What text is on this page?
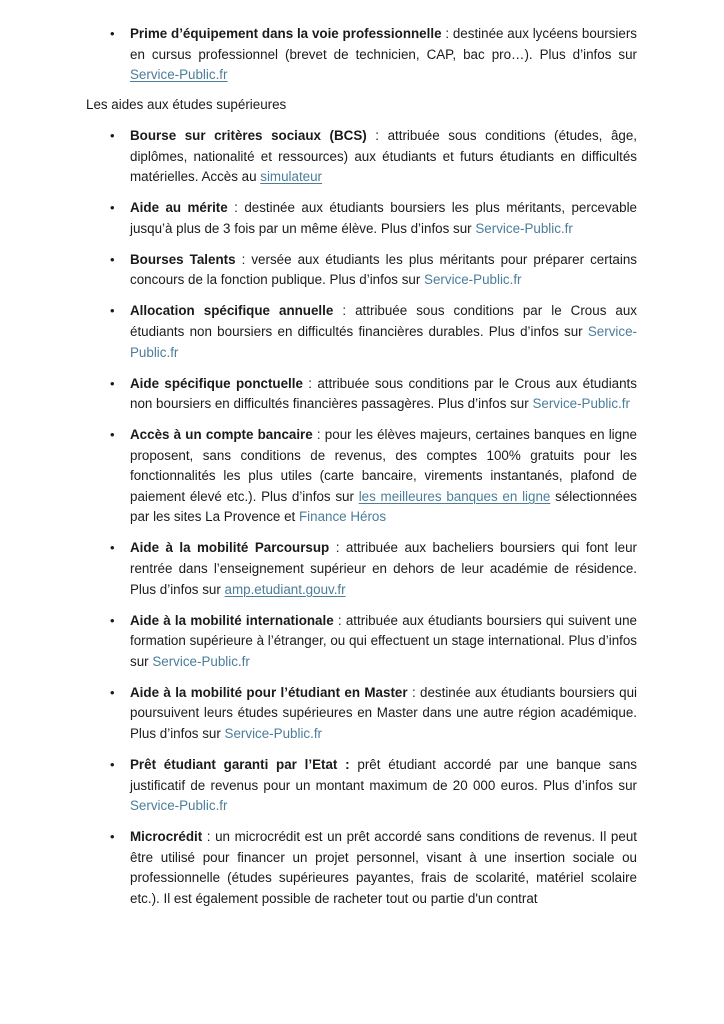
• Prime d’équipement dans la voie professionnelle : destinée aux lycéens boursiers en cursus professionnel (brevet de technicien, CAP, bac pro…). Plus d’infos sur Service-Public.fr
Les aides aux études supérieures
• Bourse sur critères sociaux (BCS) : attribuée sous conditions (études, âge, diplômes, nationalité et ressources) aux étudiants et futurs étudiants en difficultés matérielles. Accès au simulateur
• Aide au mérite : destinée aux étudiants boursiers les plus méritants, percevable jusqu’à plus de 3 fois par un même élève. Plus d’infos sur Service-Public.fr
• Bourses Talents : versée aux étudiants les plus méritants pour préparer certains concours de la fonction publique. Plus d’infos sur Service-Public.fr
• Allocation spécifique annuelle : attribuée sous conditions par le Crous aux étudiants non boursiers en difficultés financières durables. Plus d’infos sur Service-Public.fr
• Aide spécifique ponctuelle : attribuée sous conditions par le Crous aux étudiants non boursiers en difficultés financières passagères. Plus d’infos sur Service-Public.fr
• Accès à un compte bancaire : pour les élèves majeurs, certaines banques en ligne proposent, sans conditions de revenus, des comptes 100% gratuits pour les fonctionnalités les plus utiles (carte bancaire, virements instantanés, plafond de paiement élevé etc.). Plus d’infos sur les meilleures banques en ligne sélectionnées par les sites La Provence et Finance Héros
• Aide à la mobilité Parcoursup : attribuée aux bacheliers boursiers qui font leur rentrée dans l’enseignement supérieur en dehors de leur académie de résidence. Plus d’infos sur amp.etudiant.gouv.fr
• Aide à la mobilité internationale : attribuée aux étudiants boursiers qui suivent une formation supérieure à l’étranger, ou qui effectuent un stage international. Plus d’infos sur Service-Public.fr
• Aide à la mobilité pour l’étudiant en Master : destinée aux étudiants boursiers qui poursuivent leurs études supérieures en Master dans une autre région académique. Plus d’infos sur Service-Public.fr
• Prêt étudiant garanti par l’Etat : prêt étudiant accordé par une banque sans justificatif de revenus pour un montant maximum de 20 000 euros. Plus d’infos sur Service-Public.fr
• Microcrédit : un microcrédit est un prêt accordé sans conditions de revenus. Il peut être utilisé pour financer un projet personnel, visant à une insertion sociale ou professionnelle (études supérieures payantes, frais de scolarité, matériel scolaire etc.). Il est également possible de racheter tout ou partie d'un contrat
